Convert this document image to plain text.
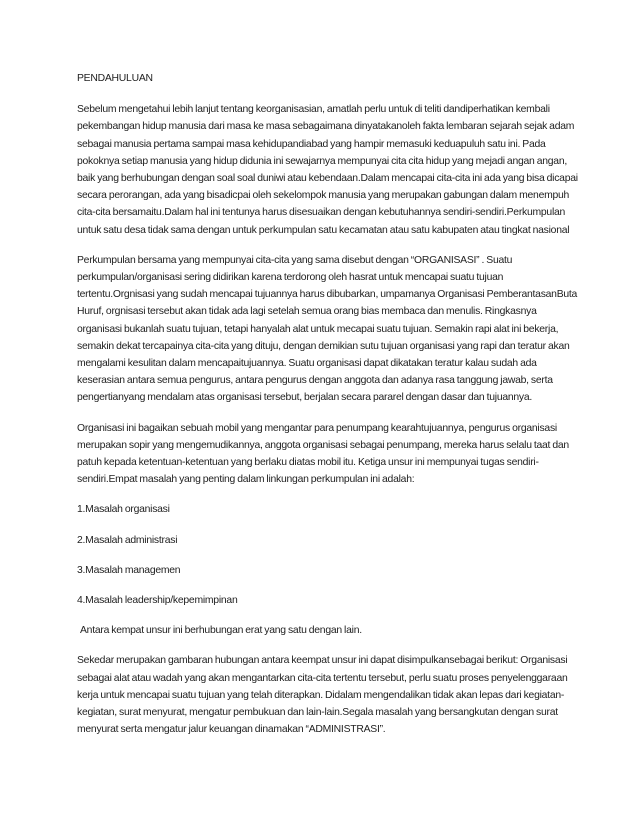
PENDAHULUAN

Sebelum mengetahui lebih lanjut tentang keorganisasian, amatlah perlu untuk di teliti dandiperhatikan kembali pekembangan hidup manusia dari masa ke masa sebagaimana dinyatakanoleh fakta lembaran sejarah sejak adam sebagai manusia pertama sampai masa kehidupandiabad yang hampir memasuki keduapuluh satu ini. Pada pokoknya setiap manusia yang hidup didunia ini sewajarnya mempunyai cita cita hidup yang mejadi angan angan, baik yang berhubungan dengan soal soal duniwi atau kebendaan.Dalam mencapai cita-cita ini ada yang bisa dicapai secara perorangan, ada yang bisadicpai oleh sekelompok manusia yang merupakan gabungan dalam menempuh cita-cita bersamaitu.Dalam hal ini tentunya harus disesuaikan dengan kebutuhannya sendiri-sendiri.Perkumpulan untuk satu desa tidak sama dengan untuk perkumpulan satu kecamatan atau satu kabupaten atau tingkat nasional

Perkumpulan bersama yang mempunyai cita-cita yang sama disebut dengan “ORGANISASI” . Suatu perkumpulan/organisasi sering didirikan karena terdorong oleh hasrat untuk mencapai suatu tujuan tertentu.Orgnisasi yang sudah mencapai tujuannya harus dibubarkan, umpamanya Organisasi PemberantasanButa Huruf, orgnisasi tersebut akan tidak ada lagi setelah semua orang bias membaca dan menulis. Ringkasnya organisasi bukanlah suatu tujuan, tetapi hanyalah alat untuk mecapai suatu tujuan. Semakin rapi alat ini bekerja, semakin dekat tercapainya cita-cita yang dituju, dengan demikian sutu tujuan organisasi yang rapi dan teratur akan mengalami kesulitan dalam mencapaitujuannya. Suatu organisasi dapat dikatakan teratur kalau sudah ada keserasian antara semua pengurus, antara pengurus dengan anggota dan adanya rasa tanggung jawab, serta pengertianyang mendalam atas organisasi tersebut, berjalan secara pararel dengan dasar dan tujuannya.

Organisasi ini bagaikan sebuah mobil yang mengantar para penumpang kearahtujuannya, pengurus organisasi merupakan sopir yang mengemudikannya, anggota organisasi sebagai penumpang, mereka harus selalu taat dan patuh kepada ketentuan-ketentuan yang berlaku diatas mobil itu. Ketiga unsur ini mempunyai tugas sendiri-sendiri.Empat masalah yang penting dalam linkungan perkumpulan ini adalah:

1.Masalah organisasi
2.Masalah administrasi
3.Masalah managemen
4.Masalah leadership/kepemimpinan

Antara kempat unsur ini berhubungan erat yang satu dengan lain.

Sekedar merupakan gambaran hubungan antara keempat unsur ini dapat disimpulkansebagai berikut: Organisasi sebagai alat atau wadah yang akan mengantarkan cita-cita tertentu tersebut, perlu suatu proses penyelenggaraan kerja untuk mencapai suatu tujuan yang telah diterapkan. Didalam mengendalikan tidak akan lepas dari kegiatan-kegiatan, surat menyurat, mengatur pembukuan dan lain-lain.Segala masalah yang bersangkutan dengan surat menyurat serta mengatur jalur keuangan dinamakan “ADMINISTRASI”.
